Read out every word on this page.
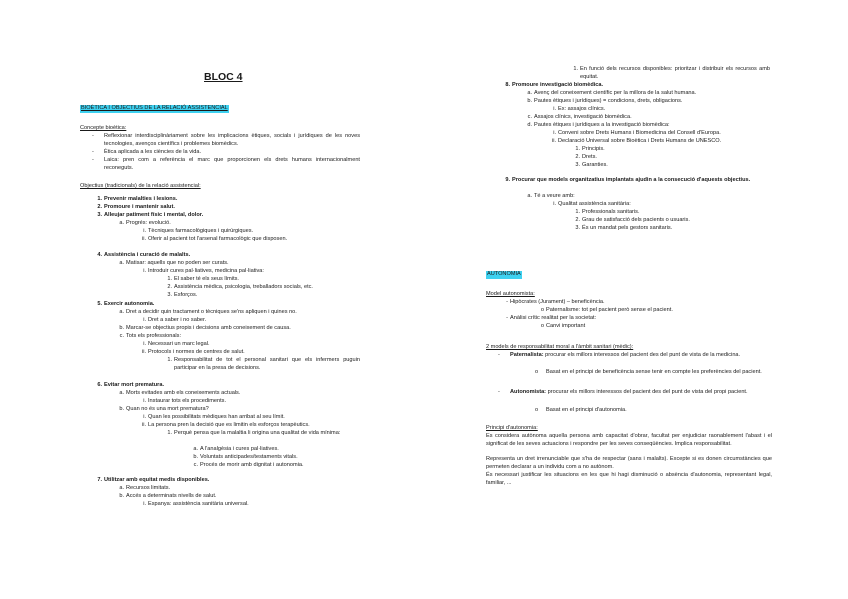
BLOC 4
BIOÈTICA I OBJECTIUS DE LA RELACIÓ ASSISTENCIAL
Concepte bioètica:
- Reflexionar interdisciplinàriament sobre les implicacions ètiques, socials i jurídiques de les noves tecnologies, avenços científics i problemes biomèdics.
- Ètica aplicada a les ciències de la vida.
- Laica: pren com a referència el marc que proporcionen els drets humans internacionalment reconeguts.
Objectius (tradicionals) de la relació assistencial:
1. Prevenir malalties i lesions.
2. Promoure i mantenir salut.
3. Alleujar patiment físic i mental, dolor.
a. Progrés: evolució.
i. Tècniques farmacològiques i quirúrgiques.
ii. Oferir al pacient tot l'arsenal farmacològic que disposen.
4. Assistència i curació de malalts.
a. Matisar: aquells que no poden ser curats.
i. Introduir cures pal·liatives, medicina pal·liativa:
1. El saber té els seus límits.
2. Assistència mèdica, psicologia, treballadors socials, etc.
3. Esforços.
5. Exercir autonomia.
a. Dret a decidir quin tractament o tècniques se'ns apliquen i quines no.
i. Dret a saber i no saber.
b. Marcar-se objectius propis i decisions amb coneixement de causa.
c. Tots els professionals:
i. Necessari un marc legal.
ii. Protocols i normes de centres de salut.
1. Responsabilitat de tot el personal sanitari que els infermers puguin participar en la presa de decisions.
6. Evitar mort prematura.
a. Morts evitades amb els coneixements actuals.
i. Instaurar tots els procediments.
b. Quan no és una mort prematura?
i. Quan les possibilitats mèdiques han arribat al seu límit.
ii. La persona pren la decisió que es limitin els esforços terapèutics.
1. Perquè pensa que la malaltia li origina una qualitat de vida mínima:
a. A l'analgèsia i cures pal·liatives.
b. Voluntats anticipades/testaments vitals.
c. Procés de morir amb dignitat i autonomia.
7. Utilitzar amb equitat medis disponibles.
a. Recursos limitats.
b. Accés a determinats nivells de salut.
i. Espanya: assistència sanitària universal.
1. En funció dels recursos disponibles: prioritzar i distribuir els recursos amb equitat.
8. Promoure investigació biomèdica.
a. Avenç del coneixement científic per la millora de la salut humana.
b. Pautes ètiques i jurídiques) = condicions, drets, obligacions.
i. Ex: assajos clínics.
c. Assajos clínics, investigació biomèdica.
d. Pautes ètiques i jurídiques a la investigació biomèdica:
i. Conveni sobre Drets Humans i Biomedicina del Consell d'Europa.
ii. Declaració Universal sobre Bioètica i Drets Humans de UNESCO.
1. Principis.
2. Drets.
3. Garanties.
9. Procurar que models organitzatius implantats ajudin a la consecució d'aquests objectius.
a. Té a veure amb:
i. Qualitat assistència sanitària:
1. Professionals sanitaris.
2. Grau de satisfacció dels pacients o usuaris.
3. És un mandat pels gestors sanitaris.
AUTONOMIA
Model autonomista:
- Hipòcrates (Jurament) – beneficència.
o Paternalisme: tot pel pacient però sense el pacient.
- Anàlisi crític realitat per la societat:
o Canvi important
2 models de responsabilitat moral a l'àmbit sanitari (mèdic):
- Paternalista: procurar els millors interessos del pacient des del punt de vista de la medicina.
o Basat en el principi de beneficència sense tenir en compte les preferències del pacient.
- Autonomista: procurar els millors interessos del pacient des del punt de vista del propi pacient.
o Basat en el principi d'autonomia.
Principi d'autonomia:
Es considera autònoma aquella persona amb capacitat d'obrar, facultat per enjudiciar raonablement l'abast i el significat de les seves actuacions i respondre per les seves conseqüències. Implica responsabilitat.
Representa un dret irrenunciable que s'ha de respectar (sans i malalts). Excepte si es donen circumstàncies que permeten declarar a un individu com a no autònom.
És necessari justificar les situacions en les que hi hagi disminució o absència d'autonomia, representant legal, familiar, ...
